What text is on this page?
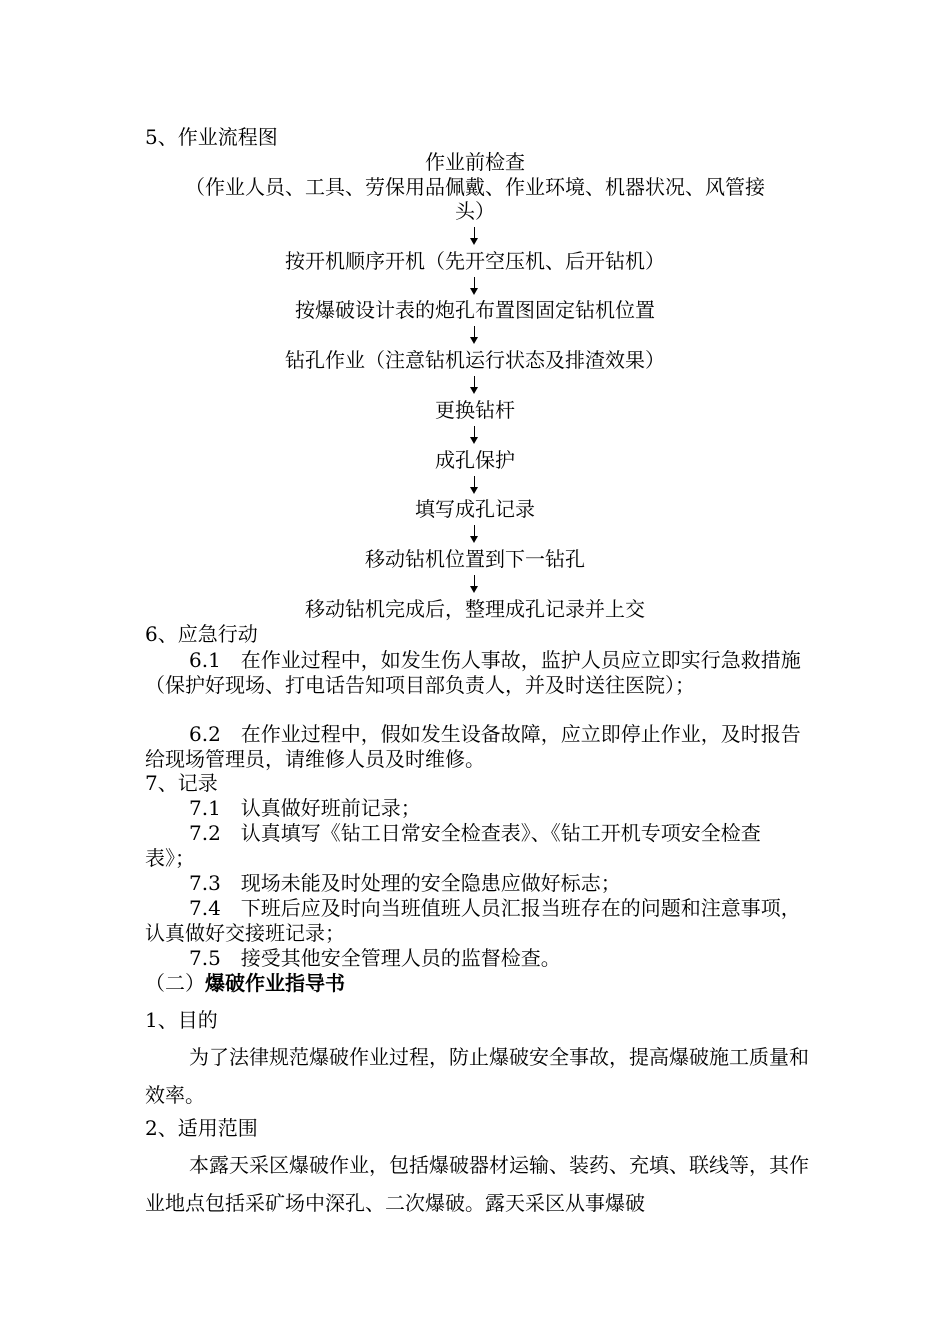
5、作业流程图
作业前检查
（作业人员、工具、劳保用品佩戴、作业环境、机器状况、风管接
头）
按开机顺序开机（先开空压机、后开钻机）
按爆破设计表的炮孔布置图固定钻机位置
钻孔作业（注意钻机运行状态及排渣效果）
更换钻杆
成孔保护
填写成孔记录
移动钻机位置到下一钻孔
移动钻机完成后，整理成孔记录并上交
6、应急行动
6.1　在作业过程中，如发生伤人事故，监护人员应立即实行急救措施（保护好现场、打电话告知项目部负责人，并及时送往医院）；
6.2　在作业过程中，假如发生设备故障，应立即停止作业，及时报告给现场管理员，请维修人员及时维修。
7、记录
7.1　认真做好班前记录；
7.2　认真填写《钻工日常安全检查表》、《钻工开机专项安全检查表》；
7.3　现场未能及时处理的安全隐患应做好标志；
7.4　下班后应及时向当班值班人员汇报当班存在的问题和注意事项，认真做好交接班记录；
7.5　接受其他安全管理人员的监督检查。
（二）爆破作业指导书
1、目的
为了法律规范爆破作业过程，防止爆破安全事故，提高爆破施工质量和效率。
2、适用范围
本露天采区爆破作业，包括爆破器材运输、装药、充填、联线等，其作业地点包括采矿场中深孔、二次爆破。露天采区从事爆破
